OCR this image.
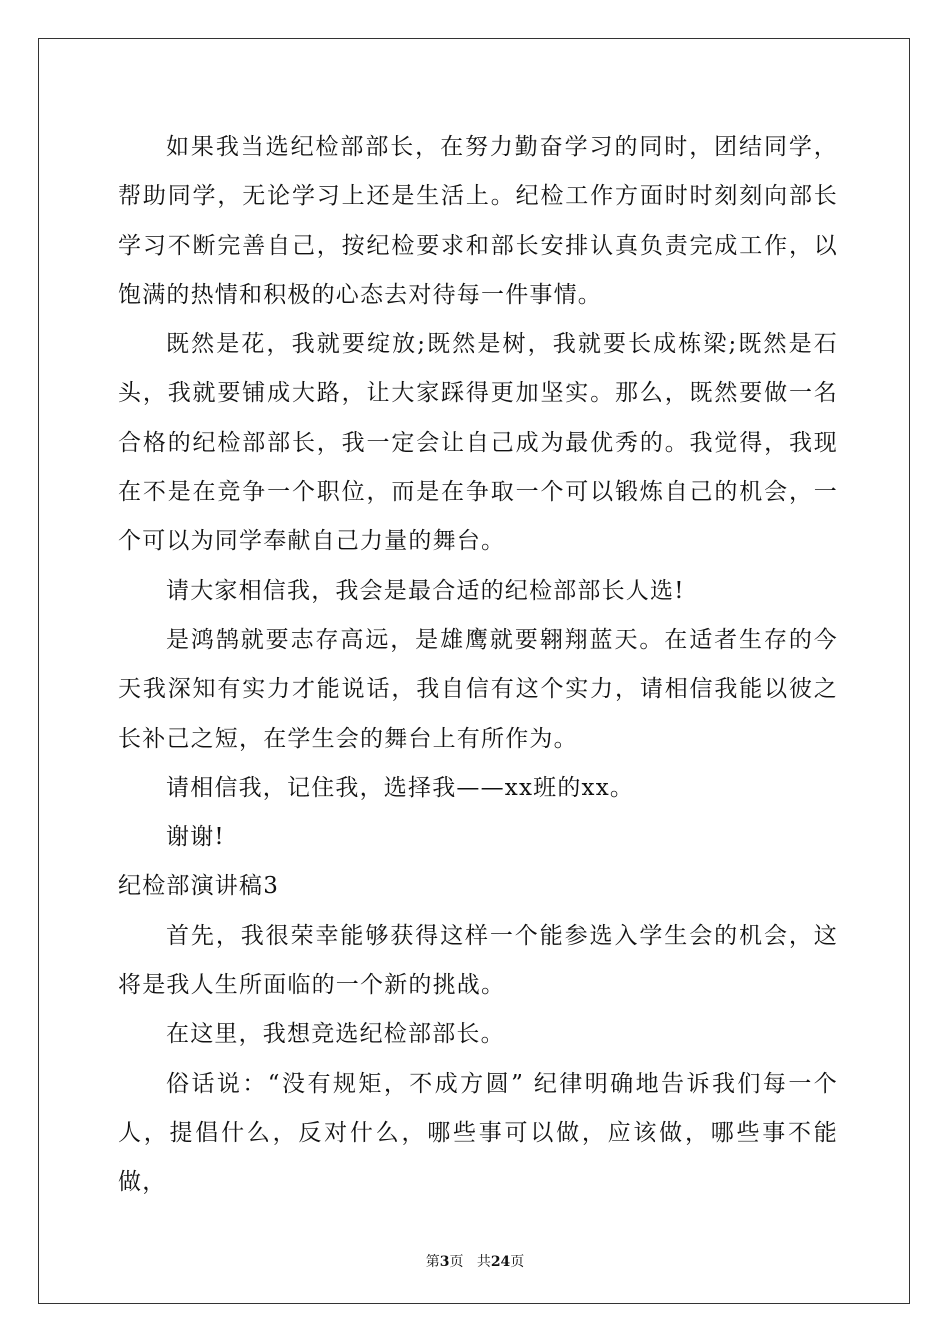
如果我当选纪检部部长，在努力勤奋学习的同时，团结同学，帮助同学，无论学习上还是生活上。纪检工作方面时时刻刻向部长学习不断完善自己，按纪检要求和部长安排认真负责完成工作，以饱满的热情和积极的心态去对待每一件事情。

既然是花，我就要绽放;既然是树，我就要长成栋梁;既然是石头，我就要铺成大路，让大家踩得更加坚实。那么，既然要做一名合格的纪检部部长，我一定会让自己成为最优秀的。我觉得，我现在不是在竞争一个职位，而是在争取一个可以锻炼自己的机会，一个可以为同学奉献自己力量的舞台。

请大家相信我，我会是最合适的纪检部部长人选!

是鸿鹄就要志存高远，是雄鹰就要翱翔蓝天。在适者生存的今天我深知有实力才能说话，我自信有这个实力，请相信我能以彼之长补己之短，在学生会的舞台上有所作为。

请相信我，记住我，选择我——xx班的xx。

谢谢!

纪检部演讲稿3

首先，我很荣幸能够获得这样一个能参选入学生会的机会，这将是我人生所面临的一个新的挑战。

在这里，我想竞选纪检部部长。

俗话说：“没有规矩，不成方圆” 纪律明确地告诉我们每一个人，提倡什么，反对什么，哪些事可以做，应该做，哪些事不能做，

第3页 共24页
